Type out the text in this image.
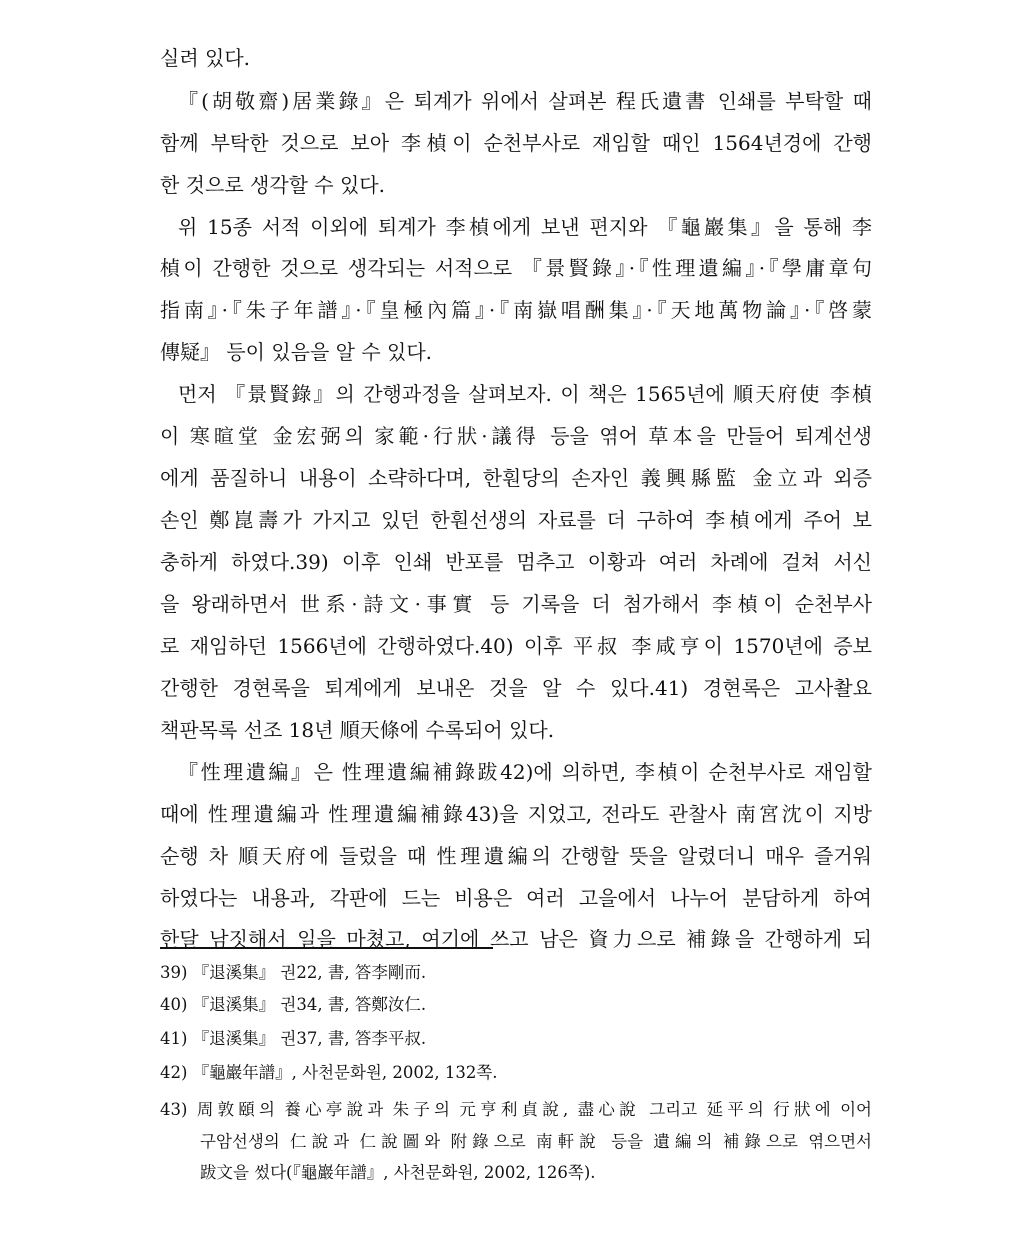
실려 있다.
『(胡敬齋)居業錄』은 퇴계가 위에서 살펴본 程氏遺書 인쇄를 부탁할 때
함께 부탁한 것으로 보아 李楨이 순천부사로 재임할 때인 1564년경에 간행
한 것으로 생각할 수 있다.
위 15종 서적 이외에 퇴계가 李楨에게 보낸 편지와 『龜巖集』을 통해 李
楨이 간행한 것으로 생각되는 서적으로 『景賢錄』·『性理遺編』·『學庸章句
指南』·『朱子年譜』·『皇極內篇』·『南嶽唱酬集』·『天地萬物論』·『啓蒙
傳疑』 등이 있음을 알 수 있다.
먼저 『景賢錄』의 간행과정을 살펴보자. 이 책은 1565년에 順天府使 李楨
이 寒暄堂 金宏弼의 家範·行狀·議得 등을 엮어 草本을 만들어 퇴계선생
에게 품질하니 내용이 소략하다며, 한훤당의 손자인 義興縣監 金立과 외증
손인 鄭崑壽가 가지고 있던 한훤선생의 자료를 더 구하여 李楨에게 주어 보
충하게 하였다.39) 이후 인쇄 반포를 멈추고 이황과 여러 차례에 걸쳐 서신
을 왕래하면서 世系·詩文·事實 등 기록을 더 첨가해서 李楨이 순천부사
로 재임하던 1566년에 간행하였다.40) 이후 平叔 李咸亨이 1570년에 증보
간행한 경현록을 퇴계에게 보내온 것을 알 수 있다.41) 경현록은 고사촬요
책판목록 선조 18년 順天條에 수록되어 있다.
『性理遺編』은 性理遺編補錄跋42)에 의하면, 李楨이 순천부사로 재임할
때에 性理遺編과 性理遺編補錄43)을 지었고, 전라도 관찰사 南宮沈이 지방
순행 차 順天府에 들렀을 때 性理遺編의 간행할 뜻을 알렸더니 매우 즐거워
하였다는 내용과, 각판에 드는 비용은 여러 고을에서 나누어 분담하게 하여
한달 남짓해서 일을 마쳤고, 여기에 쓰고 남은 資力으로 補錄을 간행하게 되
39) 『退溪集』 권22, 書, 答李剛而.
40) 『退溪集』 권34, 書, 答鄭汝仁.
41) 『退溪集』 권37, 書, 答李平叔.
42) 『龜巖年譜』, 사천문화원, 2002, 132쪽.
43) 周敦頤의 養心亭說과 朱子의 元亨利貞說, 盡心說 그리고 延平의 行狀에 이어
구암선생의 仁說과 仁說圖와 附錄으로 南軒說 등을 遺編의 補錄으로 엮으면서
跋文을 썼다(『龜巖年譜』, 사천문화원, 2002, 126쪽).
